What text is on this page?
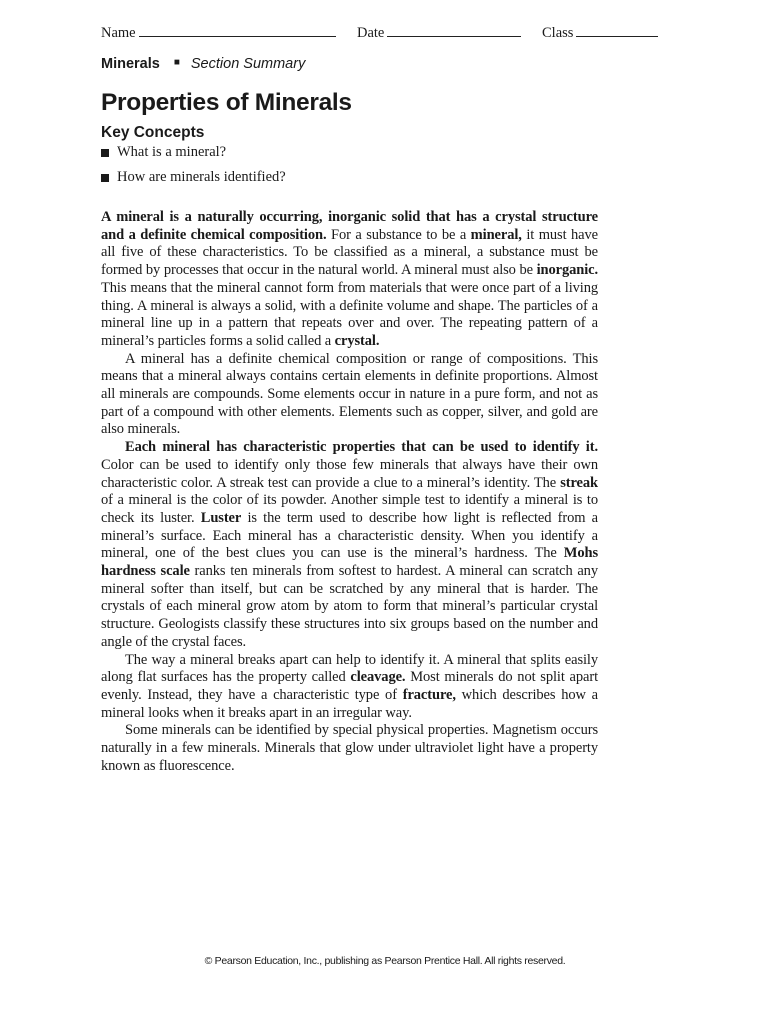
Name	Date	Class
Minerals ■ Section Summary
Properties of Minerals
Key Concepts
What is a mineral?
How are minerals identified?

A mineral is a naturally occurring, inorganic solid that has a crystal structure and a definite chemical composition. For a substance to be a mineral, it must have all five of these characteristics. To be classified as a mineral, a substance must be formed by processes that occur in the natural world. A mineral must also be inorganic. This means that the mineral cannot form from materials that were once part of a living thing. A mineral is always a solid, with a definite volume and shape. The particles of a mineral line up in a pattern that repeats over and over. The repeating pattern of a mineral’s particles forms a solid called a crystal.

A mineral has a definite chemical composition or range of compositions. This means that a mineral always contains certain elements in definite proportions. Almost all minerals are compounds. Some elements occur in nature in a pure form, and not as part of a compound with other elements. Elements such as copper, silver, and gold are also minerals.

Each mineral has characteristic properties that can be used to identify it. Color can be used to identify only those few minerals that always have their own characteristic color. A streak test can provide a clue to a mineral’s identity. The streak of a mineral is the color of its powder. Another simple test to identify a mineral is to check its luster. Luster is the term used to describe how light is reflected from a mineral’s surface. Each mineral has a characteristic density. When you identify a mineral, one of the best clues you can use is the mineral’s hardness. The Mohs hardness scale ranks ten minerals from softest to hardest. A mineral can scratch any mineral softer than itself, but can be scratched by any mineral that is harder. The crystals of each mineral grow atom by atom to form that mineral’s particular crystal structure. Geologists classify these structures into six groups based on the number and angle of the crystal faces.

The way a mineral breaks apart can help to identify it. A mineral that splits easily along flat surfaces has the property called cleavage. Most minerals do not split apart evenly. Instead, they have a characteristic type of fracture, which describes how a mineral looks when it breaks apart in an irregular way.

Some minerals can be identified by special physical properties. Magnetism occurs naturally in a few minerals. Minerals that glow under ultraviolet light have a property known as fluorescence.

© Pearson Education, Inc., publishing as Pearson Prentice Hall. All rights reserved.
